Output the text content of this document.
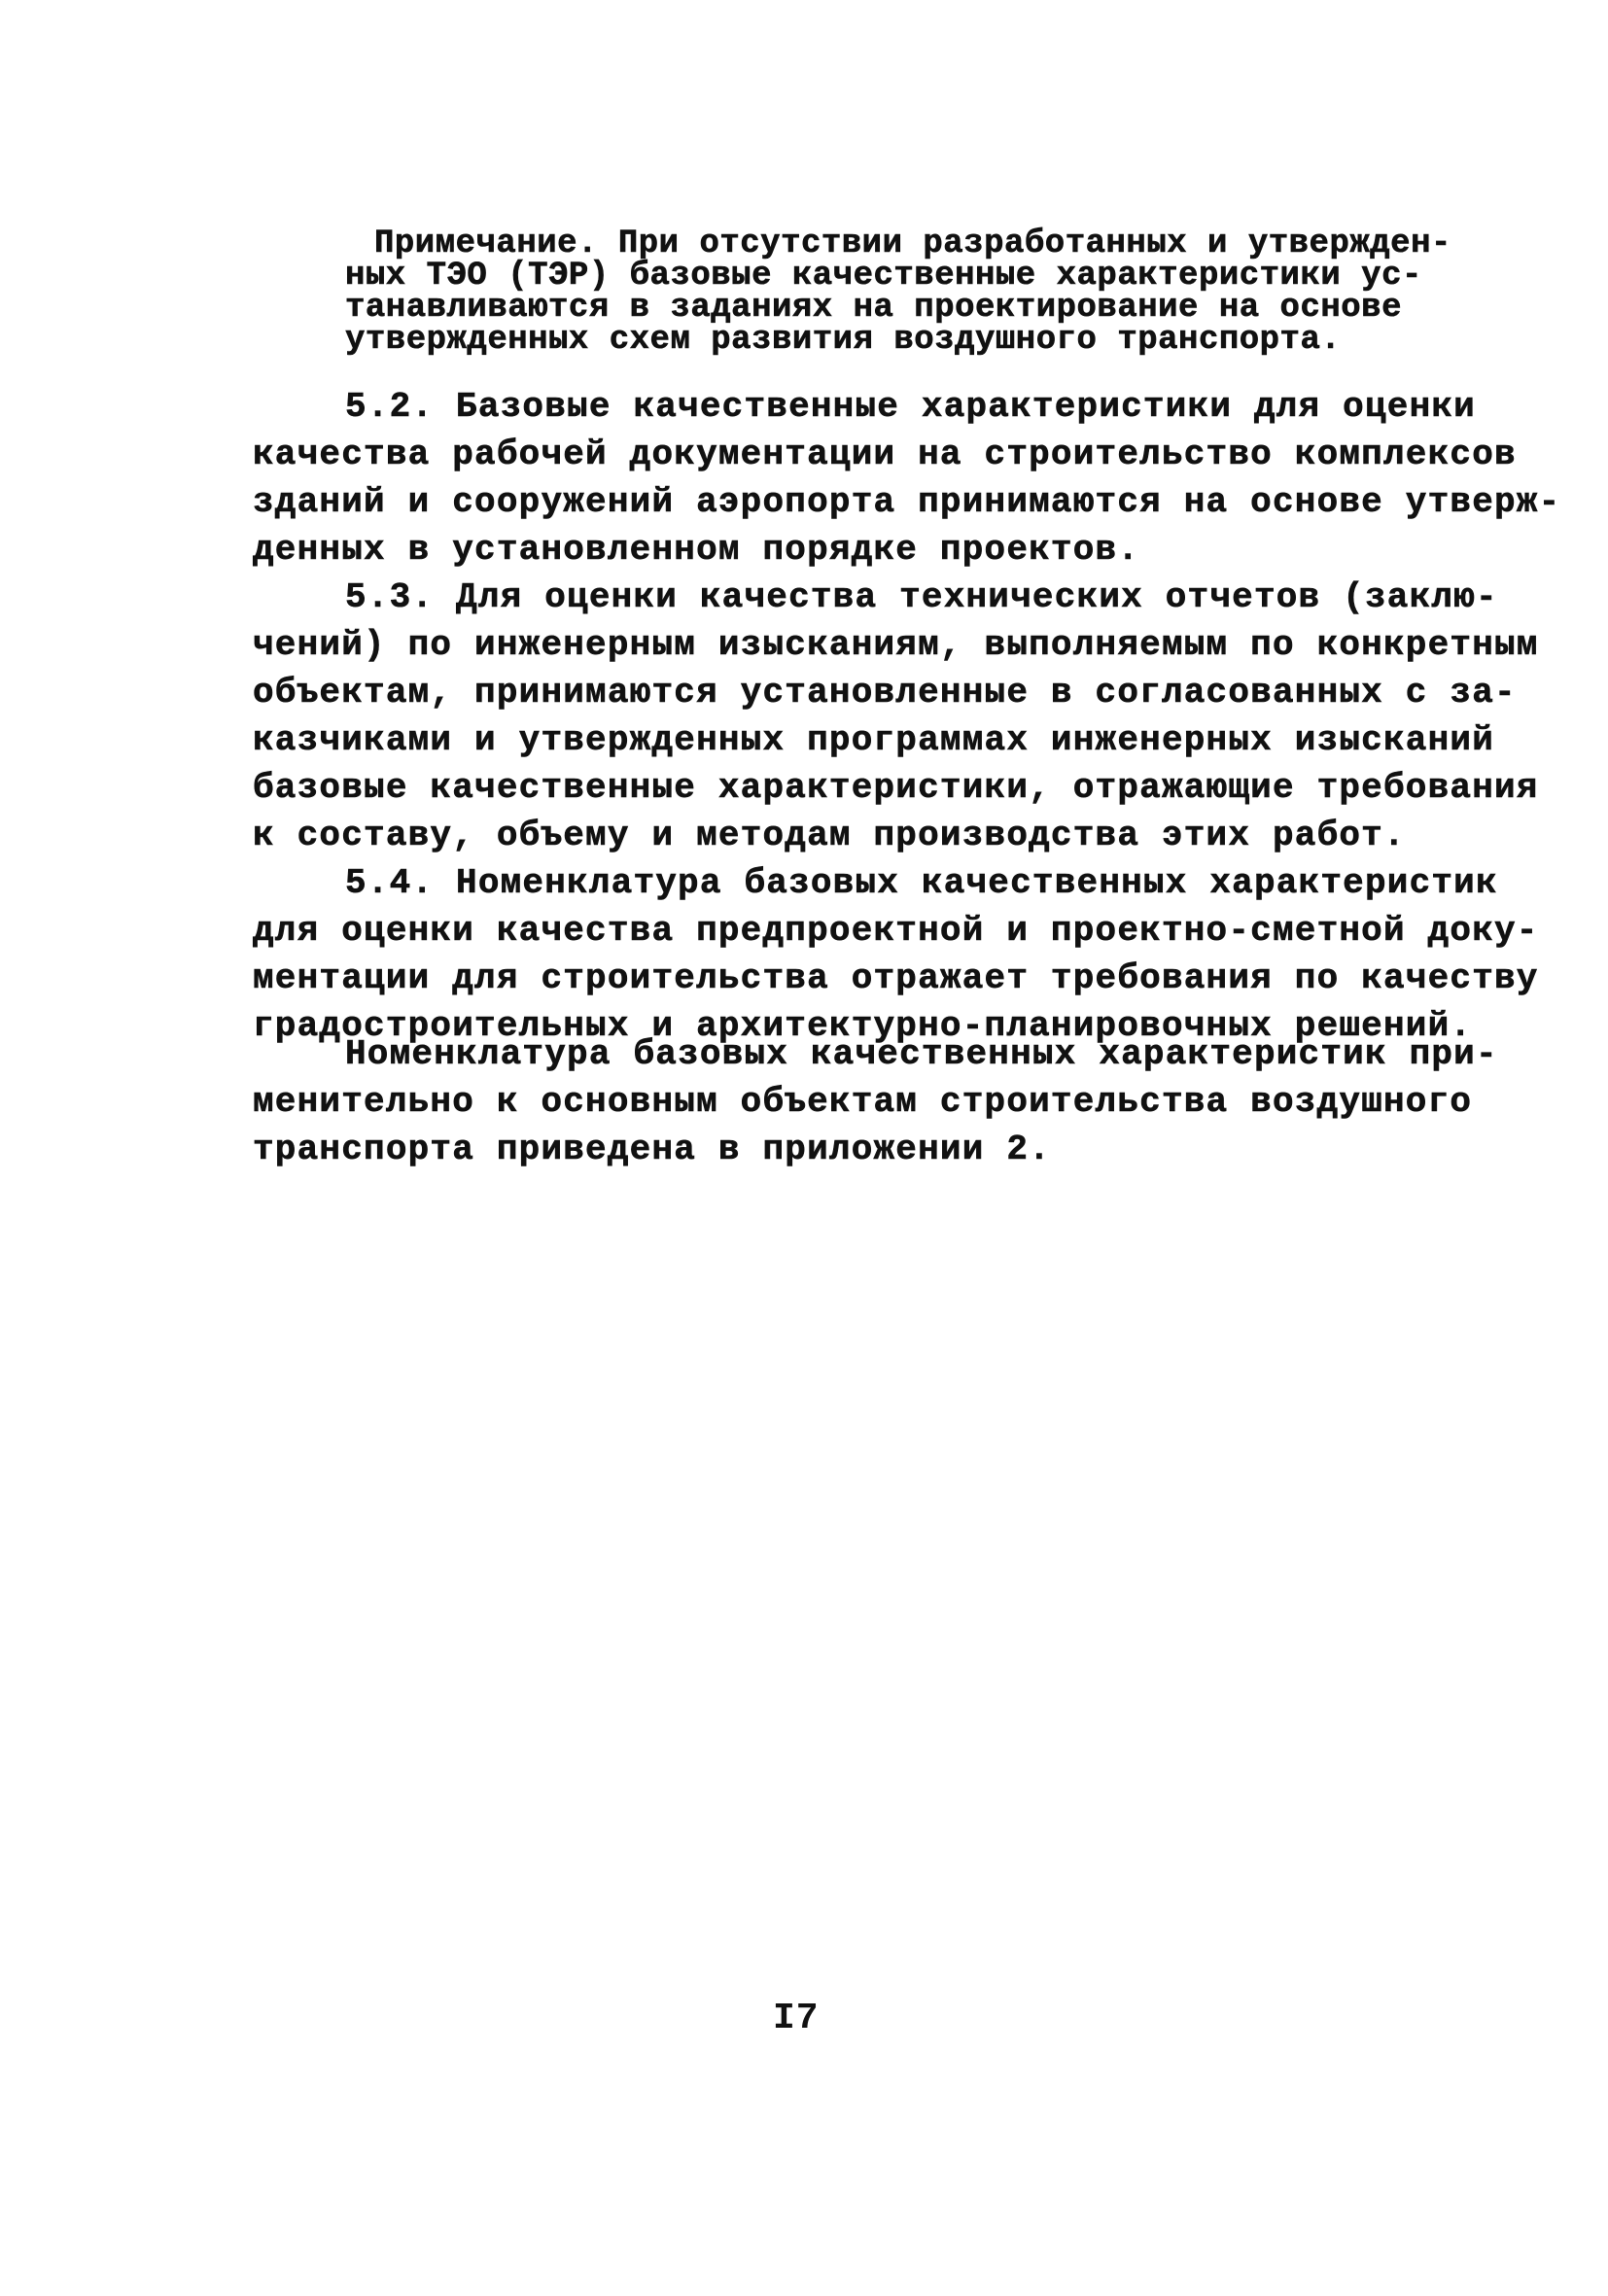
Примечание. При отсутствии разработанных и утвержден-
ных ТЭО (ТЭР) базовые качественные характеристики ус-
танавливаются в заданиях на проектирование на основе
утвержденных схем развития воздушного транспорта.
5.2. Базовые качественные характеристики для оценки
качества рабочей документации на строительство комплексов
зданий и сооружений аэропорта принимаются на основе утверж-
денных в установленном порядке проектов.
5.3. Для оценки качества технических отчетов (заклю-
чений) по инженерным изысканиям, выполняемым по конкретным
объектам, принимаются установленные в согласованных с за-
казчиками и утвержденных программах инженерных изысканий
базовые качественные характеристики, отражающие требования
к составу, объему и методам производства этих работ.
5.4. Номенклатура базовых качественных характеристик
для оценки качества предпроектной и проектно-сметной доку-
ментации для строительства отражает требования по качеству
градостроительных и архитектурно-планировочных решений.
Номенклатура базовых качественных характеристик при-
менительно к основным объектам строительства воздушного
транспорта приведена в приложении 2.
I7
